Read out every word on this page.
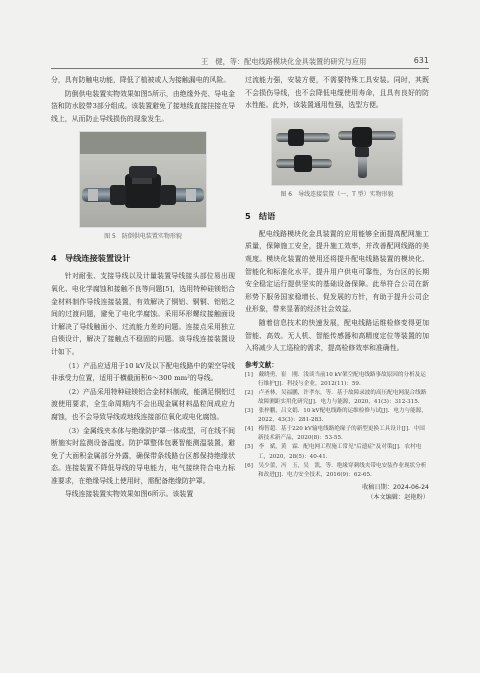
王　健，等：配电线路模块化金具装置的研究与应用	631

分，具有防触电功能，降低了植被或人为接触漏电的风险。

防倒供电装置实物效果如图5所示，由绝缘外壳、导电金箔和防水胶带3部分组成。该装置避免了接地线直接挂接在导线上，从而防止导线损伤的现象发生。

图 5　防倒供电装置实物形貌
4　导线连接装置设计

针对耐张、支接导线以及计量装置导线接头部位易出现氧化、电化学腐蚀和接触不良等问题[5]，选用特种硅镁铝合金材料制作导线连接装置，有效解决了铜铝、铜铜、铝铝之间的过渡问题，避免了电化学腐蚀。采用环形螺纹接触面设计解决了导线触面小、过流能力差的问题。连接点采用独立自锁设计，解决了接触点不稳固的问题。该导线连接装置设计如下。

（1）产品应适用于10 kV及以下配电线路中的架空导线非承受力位置，适用于横截面积6～300 mm²的导线。

（2）产品采用特种硅镁铝合金材料制成，能满足铜铝过渡使用要求，全生命周期内不会出现金属材料晶粒间成应力腐蚀，也不会导致导线或地线连接部位氧化或电化腐蚀。

（3）金属线夹本体与绝缘防护罩一体成型，可在线不间断施实时监测设备温度。防护罩整体包裹智能测温装置，避免了大面积金属部分外露，确保带条线路台区都保持绝缘状态。连接装置不降低导线的导电能力，电气接续符合电力标准要求，在绝缘导线上使用时，需配备绝缘防护罩。

导线连接装置实物效果如图6所示。该装置

过流能力强，安装方便，不需要特殊工具安装。同时，其既不会损伤导线，也不会降低电缆使用寿命，且具有良好的防水性能。此外，该装置通用性强，选型方便。

图 6　导线连接装置（一、T 型）实物形貌
5　结语

配电线路模块化金具装置的应用能够全面提高配网施工质量，保障施工安全，提升施工效率，并改善配网线路的美观度。模块化装置的使用还将提升配电线路装置的模块化、智能化和标准化水平，提升用户供电可靠性，为台区的长期安全稳定运行提供坚实的基础设备保障。此举符合公司在新形势下服务国家稳增长、促发展的方针，有助于提升公司企业形象，带来显著的经济社会效益。

随着信息技术的快速发展，配电线路运维检修变得更加智能、高效。无人机、智能传感器和高精度定位等装置的加入将减少人工巡检的需求，提高检修效率和准确性。

参考文献：

[1]　戴晓勇，崔　刚．浅谈当前10 kV架空配电线路事故原因的分析及运行维护[J]．科技与企业，2012(11)：59.

[2]　卢圣林，吴福鹏，许孝东，等．基于故障录波的高压配电网混合线路故障测距实用化研究[J]．电力与能源，2020，41(3)：312-315.

[3]　张梓鹏，吕文娟．10 kV配电线路的运维检修与试[J]．电力与能源，2022，43(3)：281-283.

[4]　梅智超．基于220 kV输电线路绝缘子的新型更换工具设计[J]．中国新技术新产品，2020(8)：53-55.

[5]　李　斌，黄　霖．配电网工程施工常见"后遗症"及对策[J]．农村电工，2020，28(5)：40-41.

[6]　吴少蕾，冯　玉，吴　凯，等．绝缘穿刺线夹带电安装作业现状分析和改进[J]．电力安全技术，2016(9)：62-65.

收稿日期：2024-06-24
（本文编辑：赵艳粉）
